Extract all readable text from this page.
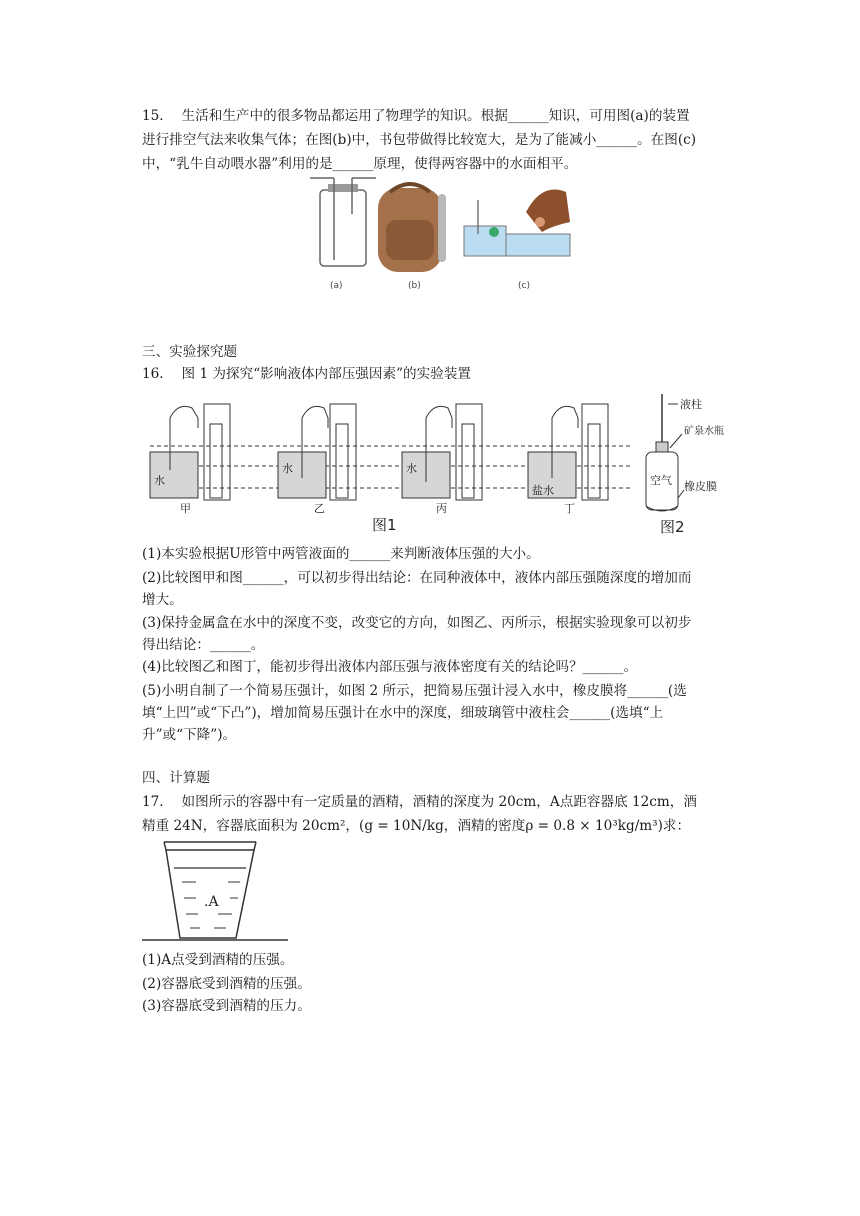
15.　 生活和生产中的很多物品都运用了物理学的知识。根据______知识，可用图(a)的装置
进行排空气法来收集气体；在图(b)中，书包带做得比较宽大，是为了能减小______。在图(c)
中，“乳牛自动喂水器”利用的是______原理，使得两容器中的水面相平。
(a)	(b)	(c)
三、实验探究题
16.　 图 1 为探究“影响液体内部压强因素”的实验装置
水
水	水
盐水
甲	乙	丙	丁
图1
液柱
矿泉水瓶
橡皮膜
空气
图2
(1)本实验根据U形管中两管液面的______来判断液体压强的大小。
(2)比较图甲和图______，可以初步得出结论：在同种液体中，液体内部压强随深度的增加而
增大。
(3)保持金属盒在水中的深度不变，改变它的方向，如图乙、丙所示，根据实验现象可以初步
得出结论：______。
(4)比较图乙和图丁，能初步得出液体内部压强与液体密度有关的结论吗？______。
(5)小明自制了一个简易压强计，如图 2 所示，把简易压强计浸入水中，橡皮膜将______(选
填“上凹”或“下凸”)，增加简易压强计在水中的深度，细玻璃管中液柱会______(选填“上
升”或“下降”)。
四、计算题
17.　 如图所示的容器中有一定质量的酒精，酒精的深度为 20cm，A点距容器底 12cm，酒
精重 24N，容器底面积为 20cm²，(g = 10N/kg，酒精的密度ρ = 0.8 × 10³kg/m³)求：
.A
(1)A点受到酒精的压强。
(2)容器底受到酒精的压强。
(3)容器底受到酒精的压力。
